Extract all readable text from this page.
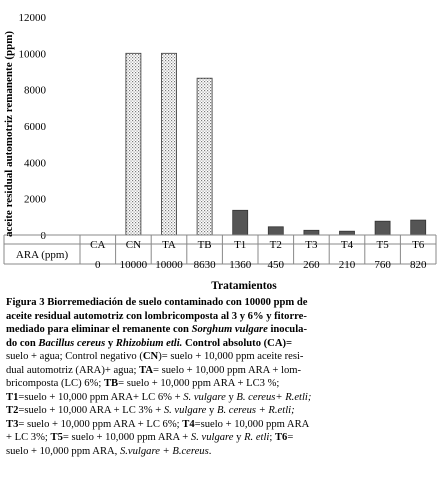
0
2000
4000
6000
8000
10000
12000
ARA (ppm)
CA
0
CN
10000
TA
10000
TB
8630
T1
1360
T2
450
T3
260
T4
210
T5
760
T6
820
aceite residual automotriz remanente (ppm)
Tratamientos
Figura 3 Biorremediación de suelo contaminado con 10000 ppm de
aceite residual automotriz con lombricomposta al 3 y 6% y fitorre-
mediado para eliminar el remanente con Sorghum vulgare inocula-
do con Bacillus cereus y Rhizobium etli. Control absoluto (CA)=
suelo + agua; Control negativo (CN)= suelo + 10,000 ppm aceite resi-
dual automotriz (ARA)+ agua; TA= suelo + 10,000 ppm ARA + lom-
bricomposta (LC) 6%; TB= suelo + 10,000 ppm ARA + LC3 %;
T1=suelo + 10,000 ppm ARA+ LC 6% + S. vulgare y B. cereus+ R.etli;
T2=suelo + 10,000 ARA + LC 3% + S. vulgare y B. cereus + R.etli;
T3= suelo + 10,000 ppm ARA + LC 6%; T4=suelo + 10,000 ppm ARA
+ LC 3%; T5= suelo + 10,000 ppm ARA + S. vulgare y R. etli; T6=
suelo + 10,000 ppm ARA, S.vulgare + B.cereus.
